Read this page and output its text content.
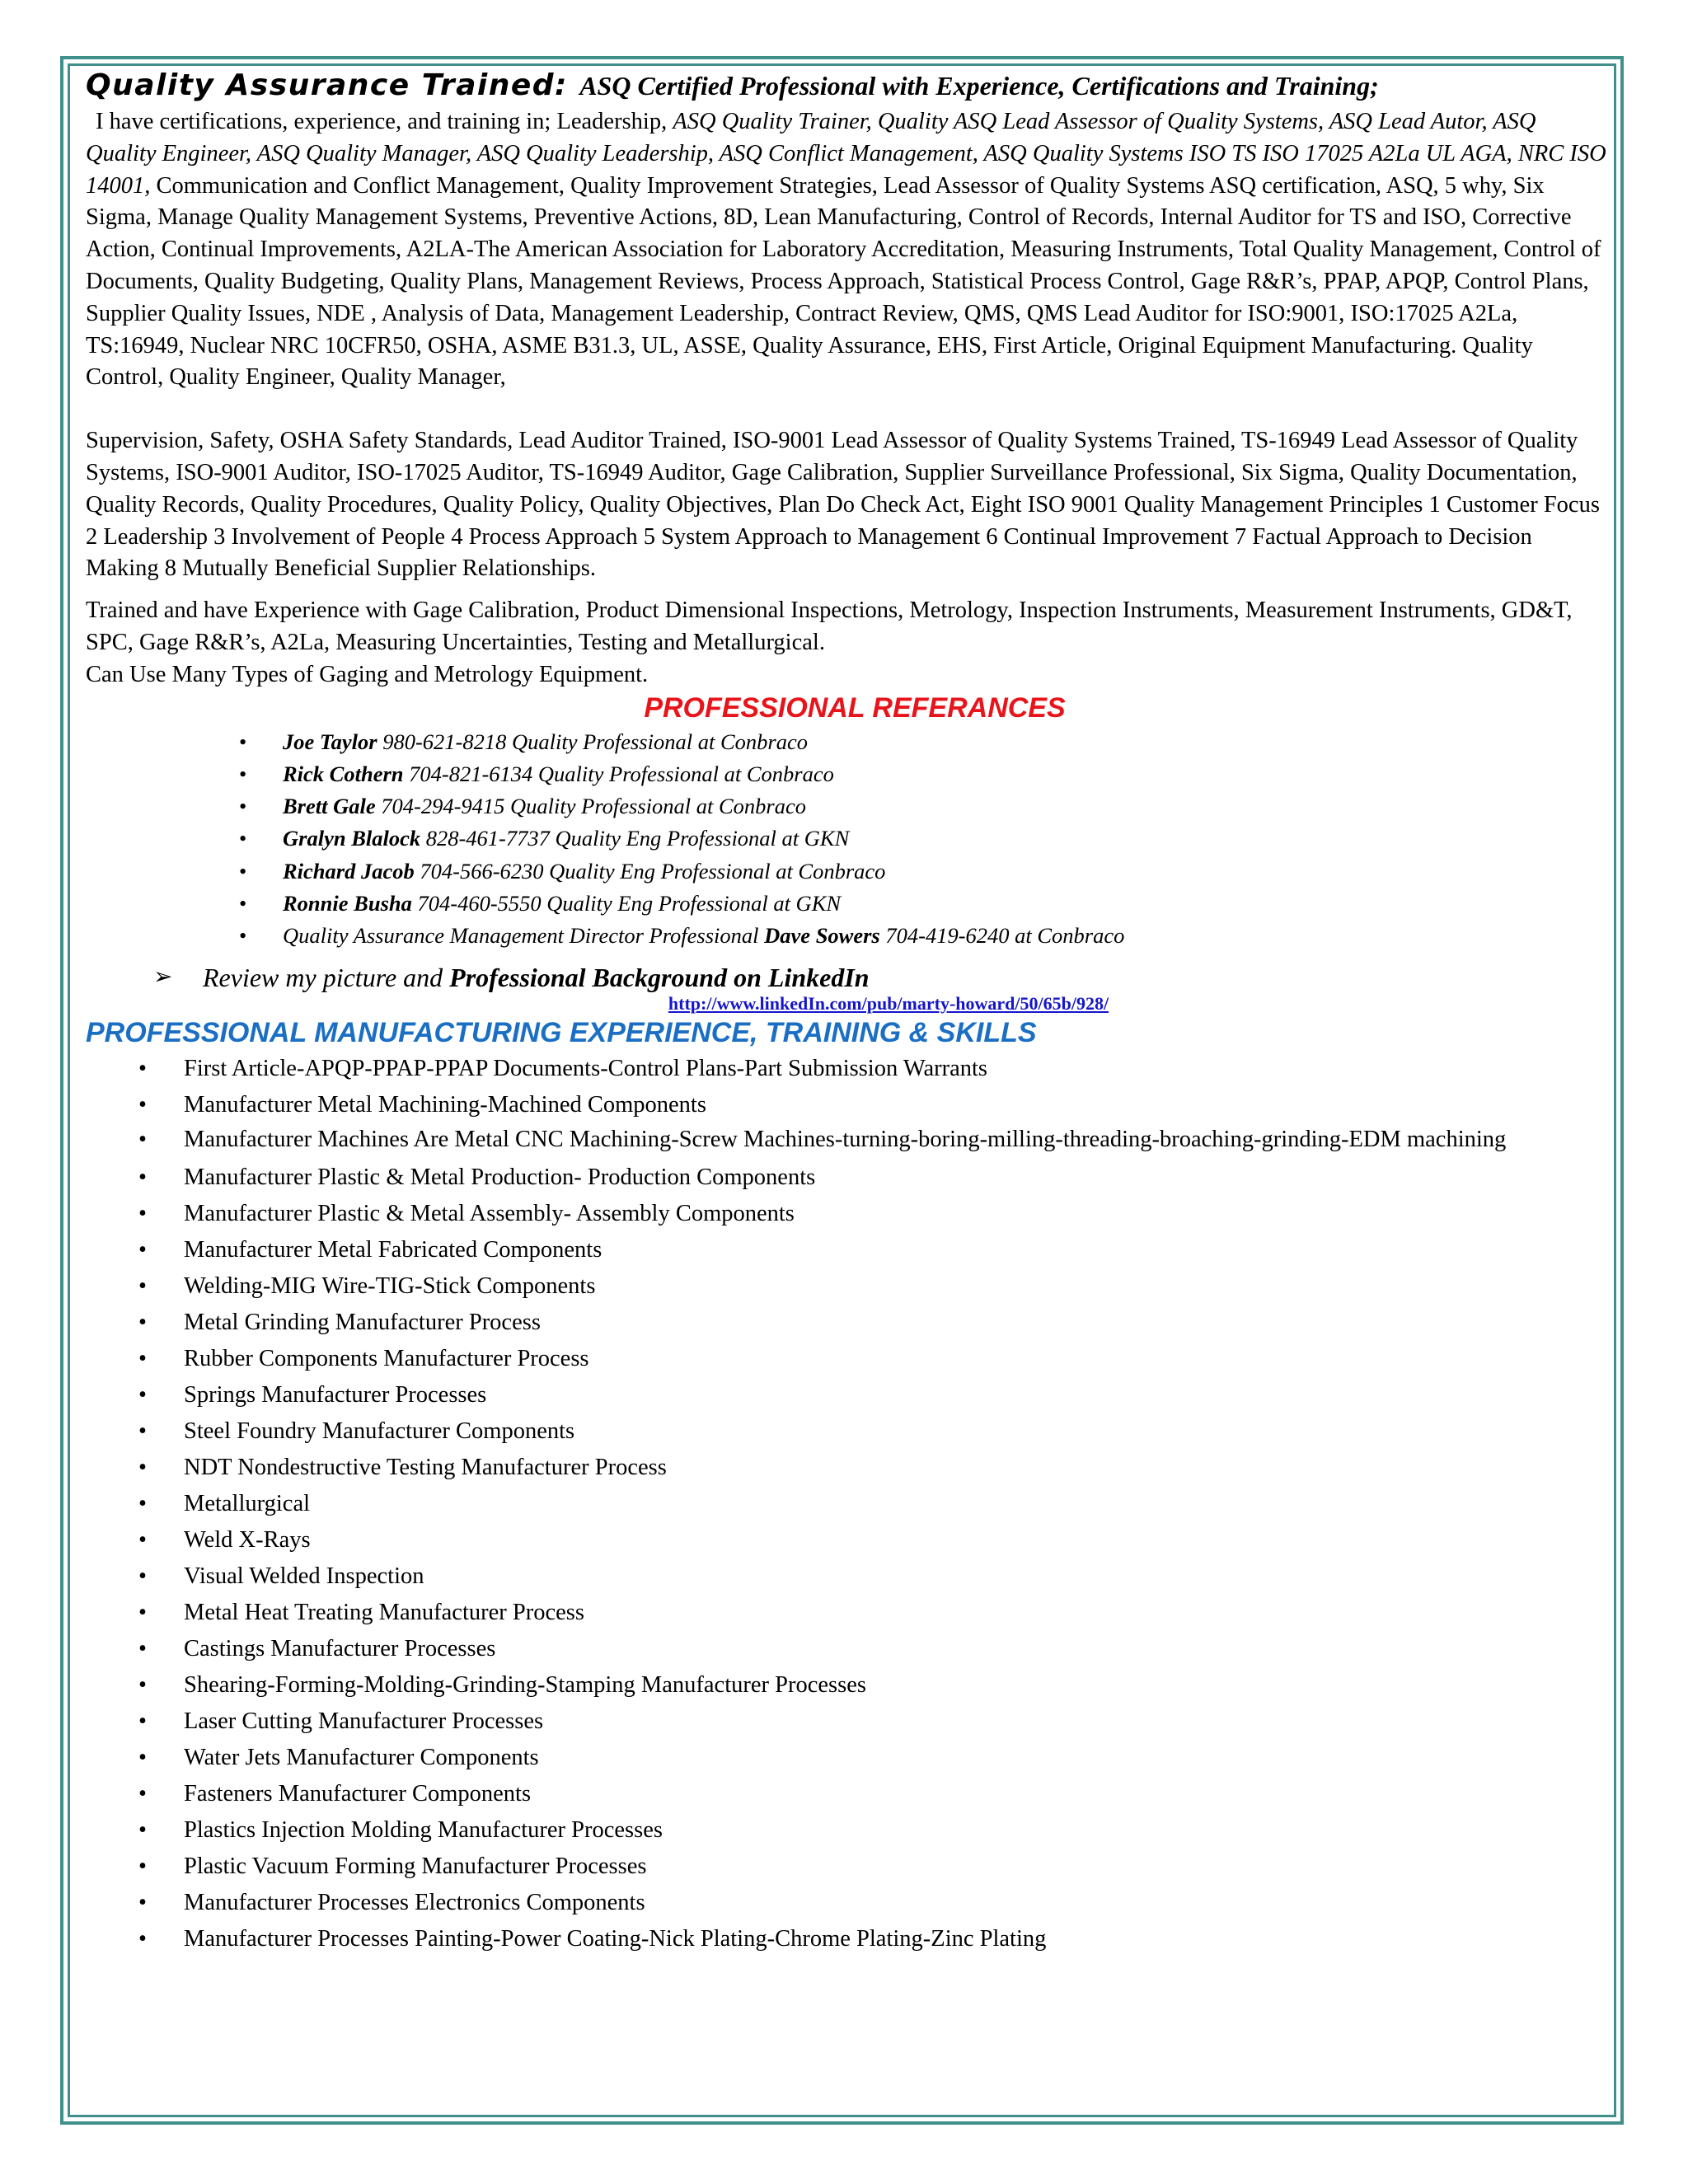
Quality Assurance Trained: ASQ Certified Professional with Experience, Certifications and Training;

I have certifications, experience, and training in; Leadership, ASQ Quality Trainer, Quality ASQ Lead Assessor of Quality Systems, ASQ Lead Autor, ASQ Quality Engineer, ASQ Quality Manager, ASQ Quality Leadership, ASQ Conflict Management, ASQ Quality Systems ISO TS ISO 17025 A2La UL AGA, NRC ISO 14001, Communication and Conflict Management, Quality Improvement Strategies, Lead Assessor of Quality Systems ASQ certification, ASQ, 5 why, Six Sigma, Manage Quality Management Systems, Preventive Actions, 8D, Lean Manufacturing, Control of Records, Internal Auditor for TS and ISO, Corrective Action, Continual Improvements, A2LA-The American Association for Laboratory Accreditation, Measuring Instruments, Total Quality Management, Control of Documents, Quality Budgeting, Quality Plans, Management Reviews, Process Approach, Statistical Process Control, Gage R&R’s, PPAP, APQP, Control Plans, Supplier Quality Issues, NDE , Analysis of Data, Management Leadership, Contract Review, QMS, QMS Lead Auditor for ISO:9001, ISO:17025 A2La, TS:16949, Nuclear NRC 10CFR50, OSHA, ASME B31.3, UL, ASSE, Quality Assurance, EHS, First Article, Original Equipment Manufacturing. Quality Control, Quality Engineer, Quality Manager,

Supervision, Safety, OSHA Safety Standards, Lead Auditor Trained, ISO-9001 Lead Assessor of Quality Systems Trained, TS-16949 Lead Assessor of Quality Systems, ISO-9001 Auditor, ISO-17025 Auditor, TS-16949 Auditor, Gage Calibration, Supplier Surveillance Professional, Six Sigma, Quality Documentation, Quality Records, Quality Procedures, Quality Policy, Quality Objectives, Plan Do Check Act, Eight ISO 9001 Quality Management Principles 1 Customer Focus 2 Leadership 3 Involvement of People 4 Process Approach 5 System Approach to Management 6 Continual Improvement 7 Factual Approach to Decision Making 8 Mutually Beneficial Supplier Relationships.

Trained and have Experience with Gage Calibration, Product Dimensional Inspections, Metrology, Inspection Instruments, Measurement Instruments, GD&T, SPC, Gage R&R’s, A2La, Measuring Uncertainties, Testing and Metallurgical.

Can Use Many Types of Gaging and Metrology Equipment.

PROFESSIONAL REFERANCES

• Joe Taylor 980-621-8218 Quality Professional at Conbraco
• Rick Cothern 704-821-6134 Quality Professional at Conbraco
• Brett Gale 704-294-9415 Quality Professional at Conbraco
• Gralyn Blalock 828-461-7737 Quality Eng Professional at GKN
• Richard Jacob 704-566-6230 Quality Eng Professional at Conbraco
• Ronnie Busha 704-460-5550 Quality Eng Professional at GKN
• Quality Assurance Management Director Professional Dave Sowers 704-419-6240 at Conbraco
➢ Review my picture and Professional Background on LinkedIn
http://www.linkedIn.com/pub/marty-howard/50/65b/928/

PROFESSIONAL MANUFACTURING EXPERIENCE, TRAINING & SKILLS

• First Article-APQP-PPAP-PPAP Documents-Control Plans-Part Submission Warrants
• Manufacturer Metal Machining-Machined Components
• Manufacturer Machines Are Metal CNC Machining-Screw Machines-turning-boring-milling-threading-broaching-grinding-EDM machining
• Manufacturer Plastic & Metal Production- Production Components
• Manufacturer Plastic & Metal Assembly- Assembly Components
• Manufacturer Metal Fabricated Components
• Welding-MIG Wire-TIG-Stick Components
• Metal Grinding Manufacturer Process
• Rubber Components Manufacturer Process
• Springs Manufacturer Processes
• Steel Foundry Manufacturer Components
• NDT Nondestructive Testing Manufacturer Process
• Metallurgical
• Weld X-Rays
• Visual Welded Inspection
• Metal Heat Treating Manufacturer Process
• Castings Manufacturer Processes
• Shearing-Forming-Molding-Grinding-Stamping Manufacturer Processes
• Laser Cutting Manufacturer Processes
• Water Jets Manufacturer Components
• Fasteners Manufacturer Components
• Plastics Injection Molding Manufacturer Processes
• Plastic Vacuum Forming Manufacturer Processes
• Manufacturer Processes Electronics Components
• Manufacturer Processes Painting-Power Coating-Nick Plating-Chrome Plating-Zinc Plating
